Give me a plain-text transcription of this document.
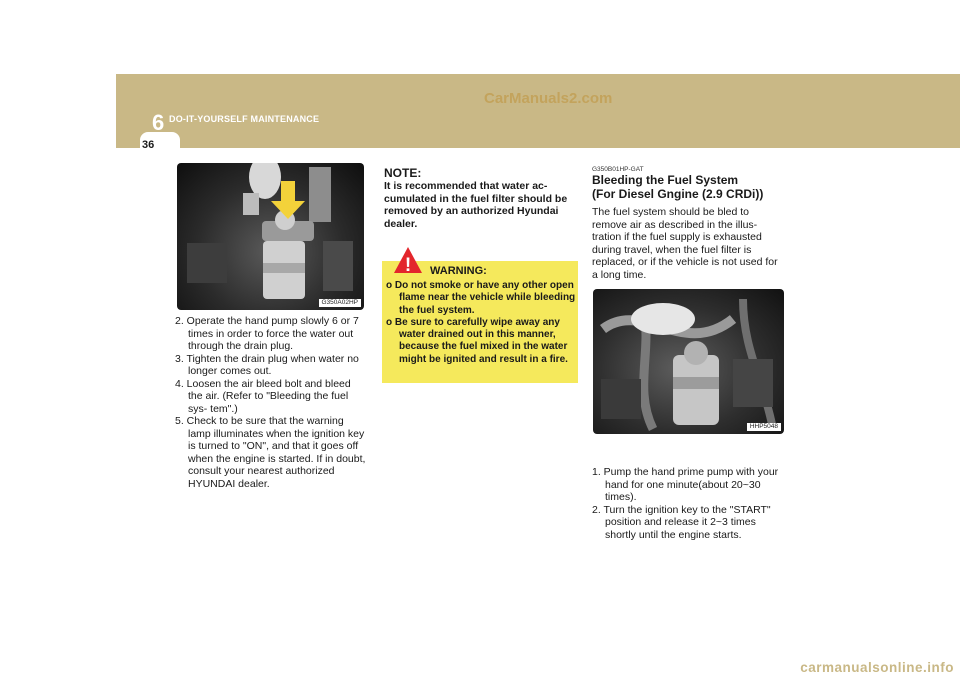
6 DO-IT-YOURSELF MAINTENANCE
CarManuals2.com
36
G350A02HP
2. Operate the hand pump slowly 6 or 7 times in order to force the water out through the drain plug.
3. Tighten the drain plug when water no longer comes out.
4. Loosen the air bleed bolt and bleed the air. (Refer to "Bleeding the fuel sys- tem".)
5. Check to be sure that the warning lamp illuminates when the ignition key is turned to "ON", and that it goes off when the engine is started. If in doubt, consult your nearest authorized HYUNDAI dealer.
NOTE:
It is recommended that water ac- cumulated in the fuel filter should be removed by an authorized Hyundai dealer.
! WARNING:
o Do not smoke or have any other open flame near the vehicle while bleeding the fuel system.
o Be sure to carefully wipe away any water drained out in this manner, because the fuel mixed in the water might be ignited and result in a fire.
G350B01HP-GAT
Bleeding the Fuel System
(For Diesel Gngine (2.9 CRDi))
The fuel system should be bled to remove air as described in the illus- tration if the fuel supply is exhausted during travel, when the fuel filter is replaced, or if the vehicle is not used for a long time.
HHP5048
1. Pump the hand prime pump with your hand for one minute(about 20~30 times).
2. Turn the ignition key to the "START" position and release it 2~3 times shortly until the engine starts.
carmanualsonline.info
